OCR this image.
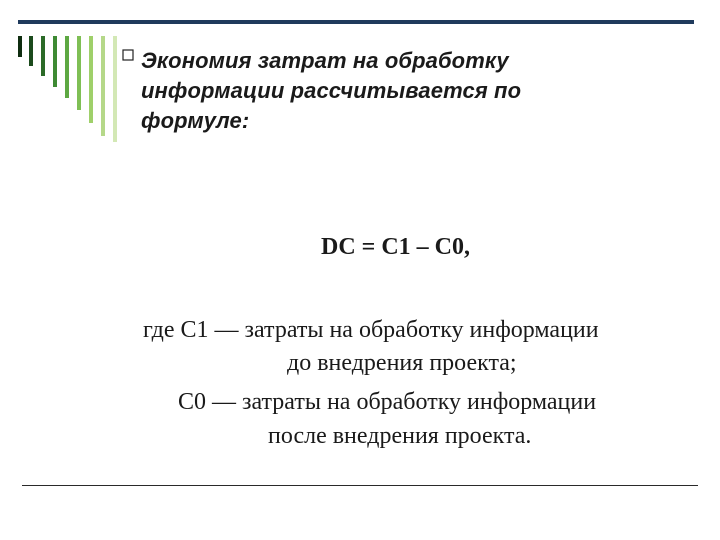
Экономия затрат на обработку
информации рассчитывается по
формуле:

DC = C1 – C0,

где С1 — затраты на обработку информации

до внедрения проекта;

С0 — затраты на обработку информации

после внедрения проекта.
